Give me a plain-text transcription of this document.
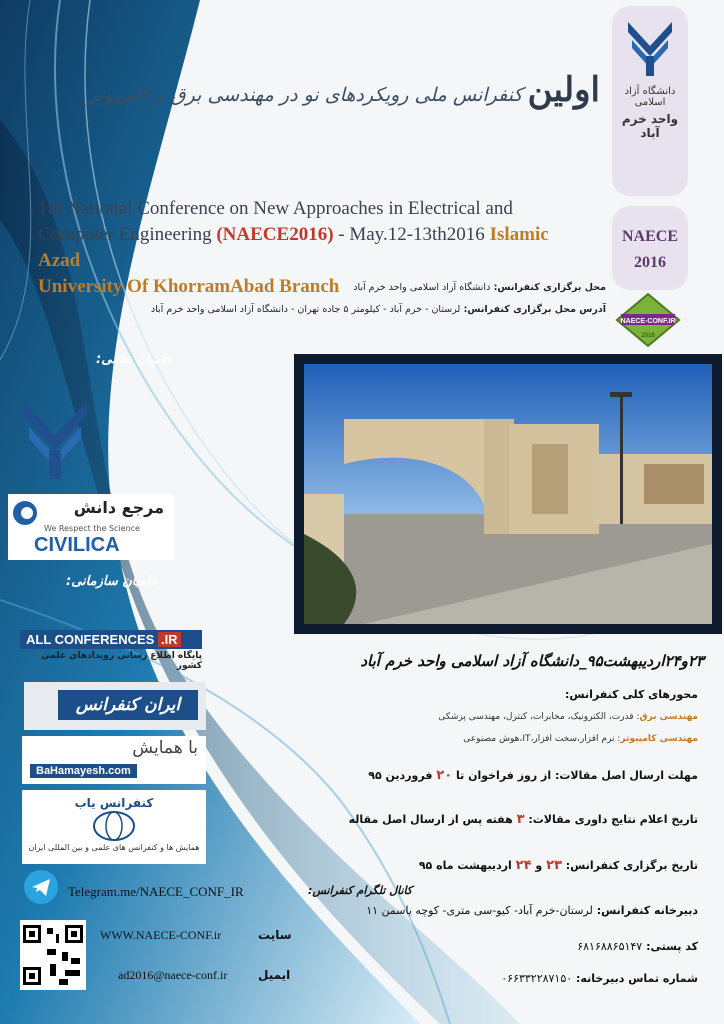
اولین کنفرانس ملی رویکردهای نو در مهندسی برق و کامپیوتر
1th National Conference on New Approaches in Electrical and
Computer Engineering (NAECE2016) - May.12-13th2016 Islamic Azad
University Of KhorramAbad Branch	محل برگزاری کنفرانس: دانشگاه آزاد اسلامی واحد خرم آباد
آدرس محل برگزاری کنفرانس: لرستان - خرم آباد - کیلومتر ۵ جاده تهران - دانشگاه آزاد اسلامی واحد خرم آباد
دانشگاه آزاد اسلامی
واحد خرم آباد
NAECE
2016
NAECE-CONF.IR
2016
حامیان علمی:
مرجع دانش
We Respect the Science
CIVILICA
حامیان سازمانی:
ALL CONFERENCES .IR
پایگاه اطلاع رسانی رویدادهای علمی کشور
ایران کنفرانس
با همایش
BaHamayesh.com
کنفرانس یاب
همایش ها و کنفرانس های علمی و بین المللی ایران
Telegram.me/NAECE_CONF_IR	کانال تلگرام کنفرانس:
WWW.NAECE-CONF.ir	سایت
ad2016@naece-conf.ir	ایمیل
۲۳و۲۴اردیبهشت۹۵_دانشگاه آزاد اسلامی واحد خرم آباد
محورهای کلی کنفرانس:
مهندسی برق: قدرت، الکترونیک، مخابرات، کنترل، مهندسی پزشکی
مهندسی کامپیوتر: نرم افزار،سخت افزار،IT،هوش مصنوعی
مهلت ارسال اصل مقالات: از روز فراخوان تا ۲۰ فروردین ۹۵
تاریخ اعلام نتایج داوری مقالات: ۳ هفته پس از ارسال اصل مقاله
تاریخ برگزاری کنفرانس: ۲۳ و ۲۴ اردیبهشت ماه ۹۵
دبیرخانه کنفرانس: لرستان-خرم آباد- کیو-سی متری- کوچه یاسمن ۱۱
کد پستی: ۶۸۱۶۸۸۶۵۱۴۷
شماره تماس دبیرخانه: ۰۶۶۳۳۲۲۸۷۱۵۰
